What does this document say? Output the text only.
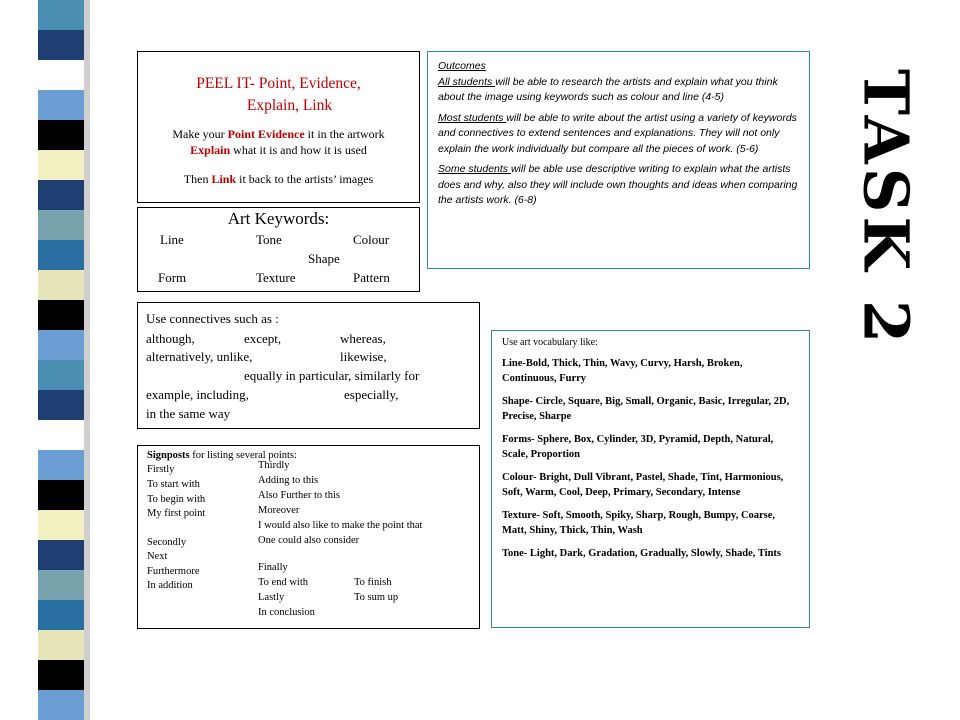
PEEL IT- Point, Evidence,
Explain, Link
Make your Point Evidence it in the artwork
Explain what it is and how it is used
Then Link it back to the artists’ images
Art Keywords:
Line	Tone	Colour
Shape
Form	Texture	Pattern
Use connectives such as :
although,	except,	whereas,
alternatively, unlike,	likewise,
equally in particular, similarly for
example, including,	especially,
in the same way
Signposts for listing several points:
Firstly
To start with
To begin with
My first point
Secondly
Next
Furthermore
In addition
Thirdly
Adding to this
Also Further to this
Moreover
I would also like to make the point that
One could also consider
Finally
To end with
Lastly
In conclusion
To finish
To sum up

Outcomes

All students will be able to research the artists and explain what you think about the image using keywords such as colour and line (4-5)

Most students will be able to write about the artist using a variety of keywords and connectives to extend sentences and explanations. They will not only explain the work individually but compare all the pieces of work. (5-6)

Some students will be able use descriptive writing to explain what the artists does and why, also they will include own thoughts and ideas when comparing the artists work. (6-8)

Use art vocabulary like:
Line-Bold, Thick, Thin, Wavy, Curvy, Harsh, Broken, Continuous, Furry
Shape- Circle, Square, Big, Small, Organic, Basic, Irregular, 2D, Precise, Sharpe
Forms- Sphere, Box, Cylinder, 3D, Pyramid, Depth, Natural, Scale, Proportion
Colour- Bright, Dull Vibrant, Pastel, Shade, Tint, Harmonious, Soft, Warm, Cool, Deep, Primary, Secondary, Intense
Texture- Soft, Smooth, Spiky, Sharp, Rough, Bumpy, Coarse, Matt, Shiny, Thick, Thin, Wash
Tone- Light, Dark, Gradation, Gradually, Slowly, Shade, Tints
TASK 2
